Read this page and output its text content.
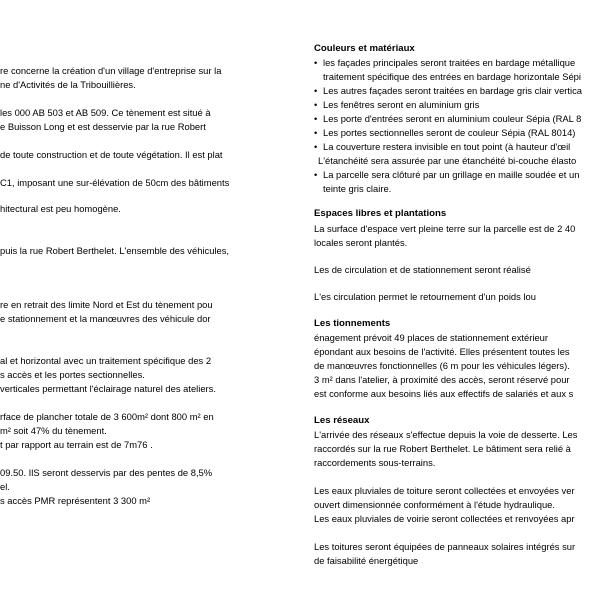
re concerne la création d'un village d'entreprise sur la
ne d'Activités de la Tribouillières.
les 000 AB 503 et AB 509. Ce tènement est situé à
e Buisson Long et est desservie par la rue Robert
de toute construction et de toute végétation. Il est plat
C1, imposant une sur-élévation de 50cm des bâtiments
hitectural est peu homogène.
puis la rue Robert Berthelet. L'ensemble des véhicules,
re en retrait des limite Nord et Est du tènement pou
e stationnement et la manœuvres des véhicule dor
al et horizontal avec un traitement spécifique des 2
s accès et les portes sectionnelles.
verticales permettant l'éclairage naturel des ateliers.
rface de plancher totale de 3 600m² dont 800 m² en
m² soit 47% du tènement.
t par rapport au terrain est de 7m76 .
09.50. IlS seront desservis par des pentes de 8,5%
el.
s accès PMR représentent 3 300 m²
Couleurs et matériaux
• les façades principales seront traitées en bardage métallique
traitement spécifique des entrées en bardage horizontale Sépi
• Les autres façades seront traitées en bardage gris clair vertica
• Les fenêtres seront en aluminium gris
• Les porte d'entrées seront en aluminium couleur Sépia (RAL 8
• Les portes sectionnelles seront de couleur Sépia (RAL 8014)
• La couverture restera invisible en tout point (à hauteur d'œil
L'étanchéité sera assurée par une étanchéité bi-couche élasto
• La parcelle sera clôturé par un grillage en maille soudée et un
teinte gris claire.
Espaces libres et plantations
La surface d'espace vert pleine terre sur la parcelle est de 2 40
locales seront plantés.
Les de circulation et de stationnement seront réalisé
L'es circulation permet le retournement d'un poids lou
Les tionnements
énagement prévoit 49 places de stationnement extérieur
épondant aux besoins de l'activité. Elles présentent toutes les
de manœuvres fonctionnelles (6 m pour les véhicules légers).
3 m² dans l'atelier, à proximité des accès, seront réservé pour
est conforme aux besoins liés aux effectifs de salariés et aux s
Les réseaux
L'arrivée des réseaux s'effectue depuis la voie de desserte. Les
raccordés sur la rue Robert Berthelet. Le bâtiment sera relié à
raccordements sous-terrains.
Les eaux pluviales de toiture seront collectées et envoyées ver
ouvert dimensionnée conformément à l'étude hydraulique.
Les eaux pluviales de voirie seront collectées et renvoyées apr
Les toitures seront équipées de panneaux solaires intégrés sur
de faisabilité énergétique
